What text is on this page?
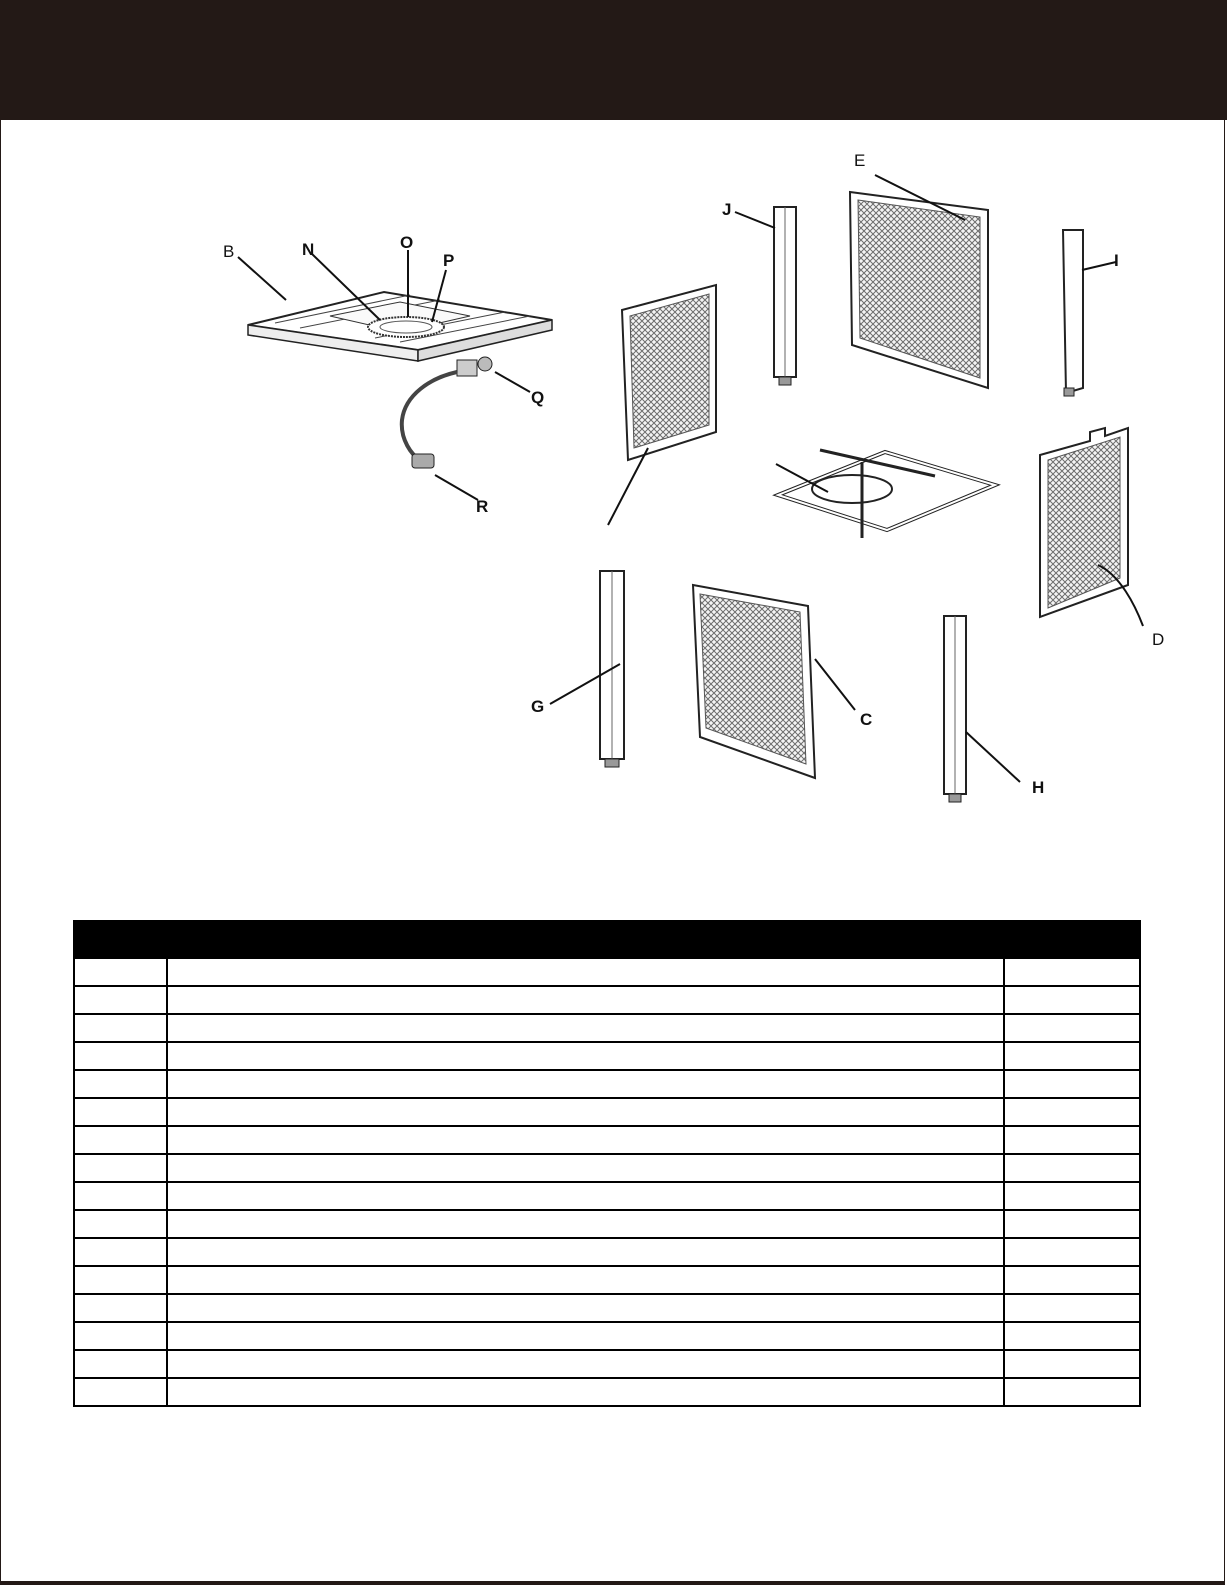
B	N	O
P
Q
R
E
J
I
D
G
C
H
